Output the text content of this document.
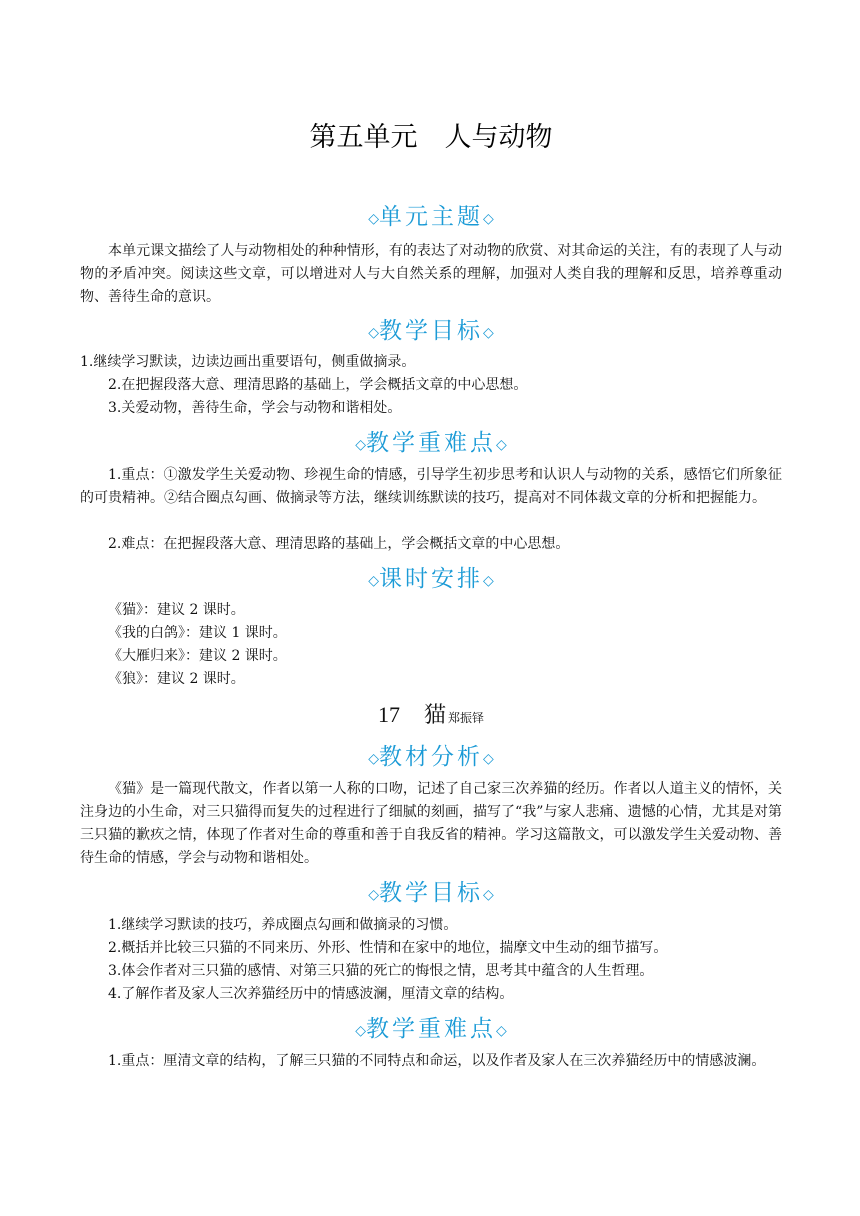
第五单元　人与动物
◇单元主题◇

本单元课文描绘了人与动物相处的种种情形，有的表达了对动物的欣赏、对其命运的关注，有的表现了人与动物的矛盾冲突。阅读这些文章，可以增进对人与大自然关系的理解，加强对人类自我的理解和反思，培养尊重动物、善待生命的意识。

◇教学目标◇

1.继续学习默读，边读边画出重要语句，侧重做摘录。

2.在把握段落大意、理清思路的基础上，学会概括文章的中心思想。

3.关爱动物，善待生命，学会与动物和谐相处。

◇教学重难点◇

1.重点：①激发学生关爱动物、珍视生命的情感，引导学生初步思考和认识人与动物的关系，感悟它们所象征的可贵精神。②结合圈点勾画、做摘录等方法，继续训练默读的技巧，提高对不同体裁文章的分析和把握能力。

2.难点：在把握段落大意、理清思路的基础上，学会概括文章的中心思想。

◇课时安排◇

《猫》：建议 2 课时。

《我的白鸽》：建议 1 课时。

《大雁归来》：建议 2 课时。

《狼》：建议 2 课时。

17 猫 郑振铎
◇教材分析◇

《猫》是一篇现代散文，作者以第一人称的口吻，记述了自己家三次养猫的经历。作者以人道主义的情怀，关注身边的小生命，对三只猫得而复失的过程进行了细腻的刻画，描写了“我”与家人悲痛、遗憾的心情，尤其是对第三只猫的歉疚之情，体现了作者对生命的尊重和善于自我反省的精神。学习这篇散文，可以激发学生关爱动物、善待生命的情感，学会与动物和谐相处。

◇教学目标◇

1.继续学习默读的技巧，养成圈点勾画和做摘录的习惯。

2.概括并比较三只猫的不同来历、外形、性情和在家中的地位，揣摩文中生动的细节描写。

3.体会作者对三只猫的感情、对第三只猫的死亡的悔恨之情，思考其中蕴含的人生哲理。

4.了解作者及家人三次养猫经历中的情感波澜，厘清文章的结构。

◇教学重难点◇

1.重点：厘清文章的结构，了解三只猫的不同特点和命运，以及作者及家人在三次养猫经历中的情感波澜。
